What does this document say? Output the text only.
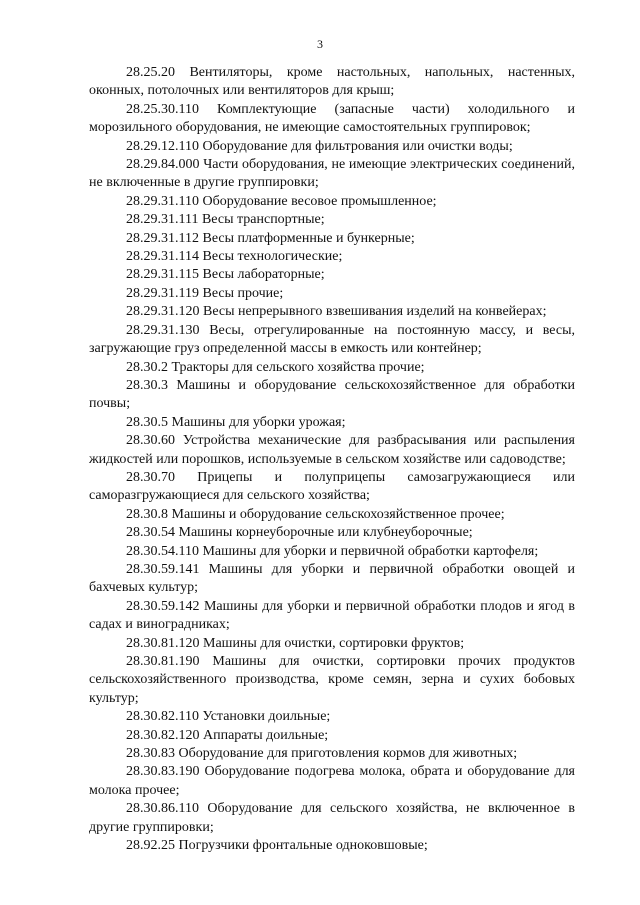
3

28.25.20 Вентиляторы, кроме настольных, напольных, настенных, оконных, потолочных или вентиляторов для крыш;

28.25.30.110 Комплектующие (запасные части) холодильного и морозильного оборудования, не имеющие самостоятельных группировок;

28.29.12.110 Оборудование для фильтрования или очистки воды;

28.29.84.000 Части оборудования, не имеющие электрических соединений, не включенные в другие группировки;

28.29.31.110 Оборудование весовое промышленное;

28.29.31.111 Весы транспортные;

28.29.31.112 Весы платформенные и бункерные;

28.29.31.114 Весы технологические;

28.29.31.115 Весы лабораторные;

28.29.31.119 Весы прочие;

28.29.31.120 Весы непрерывного взвешивания изделий на конвейерах;

28.29.31.130 Весы, отрегулированные на постоянную массу, и весы, загружающие груз определенной массы в емкость или контейнер;

28.30.2 Тракторы для сельского хозяйства прочие;

28.30.3 Машины и оборудование сельскохозяйственное для обработки почвы;

28.30.5 Машины для уборки урожая;

28.30.60 Устройства механические для разбрасывания или распыления жидкостей или порошков, используемые в сельском хозяйстве или садоводстве;

28.30.70 Прицепы и полуприцепы самозагружающиеся или саморазгружающиеся для сельского хозяйства;

28.30.8 Машины и оборудование сельскохозяйственное прочее;

28.30.54 Машины корнеуборочные или клубнеуборочные;

28.30.54.110 Машины для уборки и первичной обработки картофеля;

28.30.59.141 Машины для уборки и первичной обработки овощей и бахчевых культур;

28.30.59.142 Машины для уборки и первичной обработки плодов и ягод в садах и виноградниках;

28.30.81.120 Машины для очистки, сортировки фруктов;

28.30.81.190 Машины для очистки, сортировки прочих продуктов сельскохозяйственного производства, кроме семян, зерна и сухих бобовых культур;

28.30.82.110 Установки доильные;

28.30.82.120 Аппараты доильные;

28.30.83 Оборудование для приготовления кормов для животных;

28.30.83.190 Оборудование подогрева молока, обрата и оборудование для молока прочее;

28.30.86.110 Оборудование для сельского хозяйства, не включенное в другие группировки;

28.92.25 Погрузчики фронтальные одноковшовые;
